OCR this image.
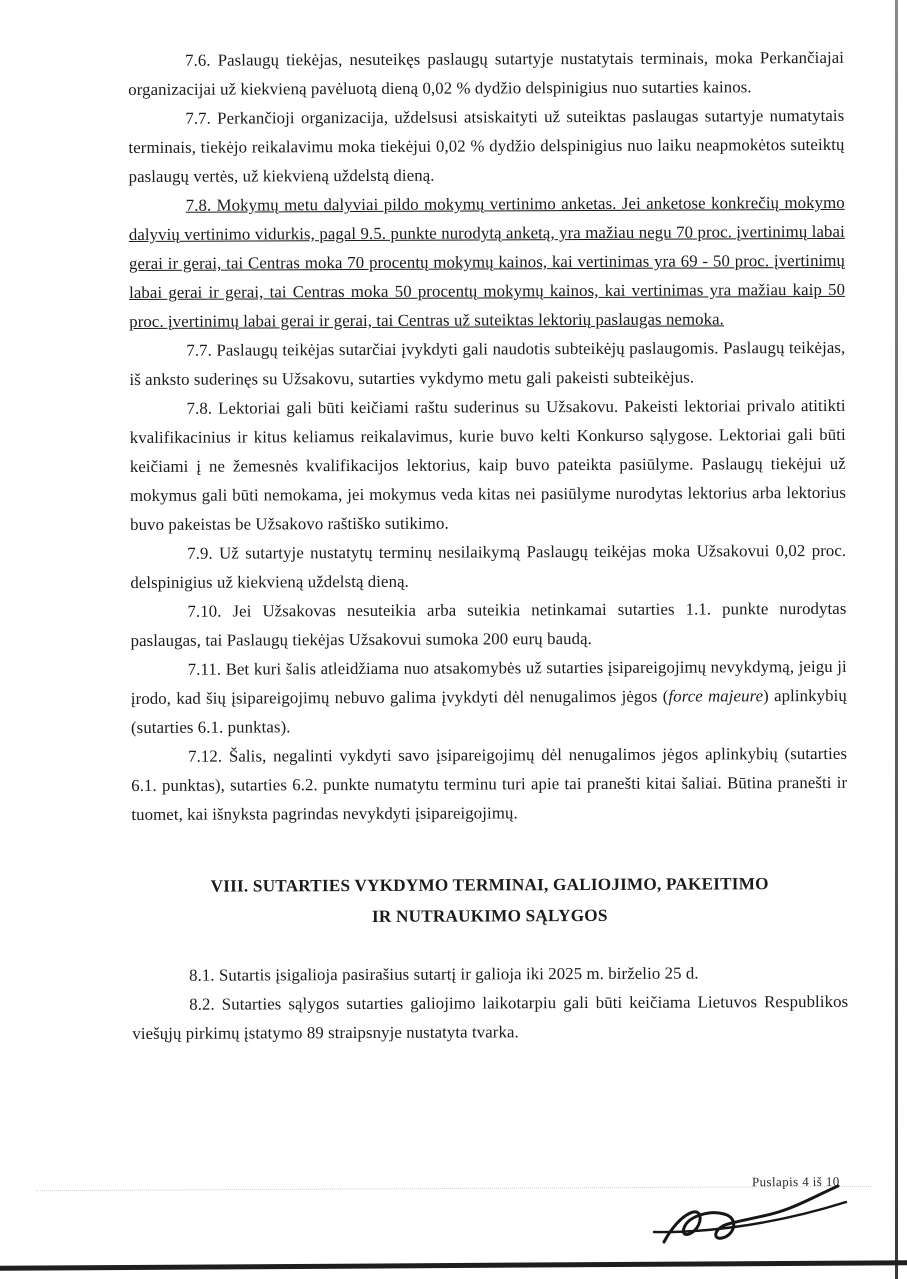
7.6. Paslaugų tiekėjas, nesuteikęs paslaugų sutartyje nustatytais terminais, moka Perkančiajai organizacijai už kiekvieną pavėluotą dieną 0,02 % dydžio delspinigius nuo sutarties kainos.

7.7. Perkančioji organizacija, uždelsusi atsiskaityti už suteiktas paslaugas sutartyje numatytais terminais, tiekėjo reikalavimu moka tiekėjui 0,02 % dydžio delspinigius nuo laiku neapmokėtos suteiktų paslaugų vertės, už kiekvieną uždelstą dieną.

7.8. Mokymų metu dalyviai pildo mokymų vertinimo anketas. Jei anketose konkrečių mokymo dalyvių vertinimo vidurkis, pagal 9.5. punkte nurodytą anketą, yra mažiau negu 70 proc. įvertinimų labai gerai ir gerai, tai Centras moka 70 procentų mokymų kainos, kai vertinimas yra 69 - 50 proc. įvertinimų labai gerai ir gerai, tai Centras moka 50 procentų mokymų kainos, kai vertinimas yra mažiau kaip 50 proc. įvertinimų labai gerai ir gerai, tai Centras už suteiktas lektorių paslaugas nemoka.

7.7. Paslaugų teikėjas sutarčiai įvykdyti gali naudotis subteikėjų paslaugomis. Paslaugų teikėjas, iš anksto suderinęs su Užsakovu, sutarties vykdymo metu gali pakeisti subteikėjus.

7.8. Lektoriai gali būti keičiami raštu suderinus su Užsakovu. Pakeisti lektoriai privalo atitikti kvalifikacinius ir kitus keliamus reikalavimus, kurie buvo kelti Konkurso sąlygose. Lektoriai gali būti keičiami į ne žemesnės kvalifikacijos lektorius, kaip buvo pateikta pasiūlyme. Paslaugų tiekėjui už mokymus gali būti nemokama, jei mokymus veda kitas nei pasiūlyme nurodytas lektorius arba lektorius buvo pakeistas be Užsakovo raštiško sutikimo.

7.9. Už sutartyje nustatytų terminų nesilaikymą Paslaugų teikėjas moka Užsakovui 0,02 proc. delspinigius už kiekvieną uždelstą dieną.

7.10. Jei Užsakovas nesuteikia arba suteikia netinkamai sutarties 1.1. punkte nurodytas paslaugas, tai Paslaugų tiekėjas Užsakovui sumoka 200 eurų baudą.

7.11. Bet kuri šalis atleidžiama nuo atsakomybės už sutarties įsipareigojimų nevykdymą, jeigu ji įrodo, kad šių įsipareigojimų nebuvo galima įvykdyti dėl nenugalimos jėgos (force majeure) aplinkybių (sutarties 6.1. punktas).

7.12. Šalis, negalinti vykdyti savo įsipareigojimų dėl nenugalimos jėgos aplinkybių (sutarties 6.1. punktas), sutarties 6.2. punkte numatytu terminu turi apie tai pranešti kitai šaliai. Būtina pranešti ir tuomet, kai išnyksta pagrindas nevykdyti įsipareigojimų.

VIII. SUTARTIES VYKDYMO TERMINAI, GALIOJIMO, PAKEITIMO
IR NUTRAUKIMO SĄLYGOS

8.1. Sutartis įsigalioja pasirašius sutartį ir galioja iki 2025 m. birželio 25 d.

8.2. Sutarties sąlygos sutarties galiojimo laikotarpiu gali būti keičiama Lietuvos Respublikos viešųjų pirkimų įstatymo 89 straipsnyje nustatyta tvarka.

Puslapis 4 iš 10
